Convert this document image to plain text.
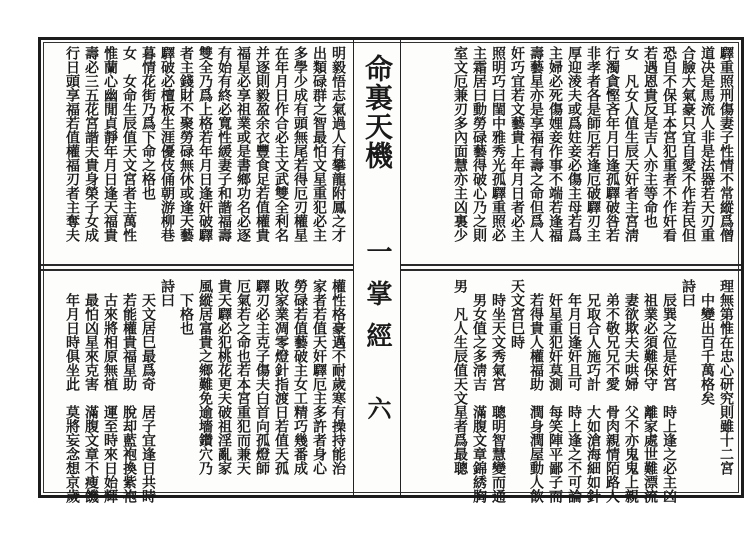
明毅悟志氣過人有攀龍附鳳之才
出類碌群之智最怕文星重犯必主
多學少成有頭無尾若得厄刃權星
在年月日作合必主文武雙全利名
并逐則毅盈余衣豐食足若值權貴
福星必享祖業或是書鄉功名必逐
有始有終必寬性緩妻子和諧福壽
雙全乃爲上格若年月日逢奸破驛
者主錢財不聚勞碌無休或逢天藝
驛破必檀板生涯優伎俑朝游柳巷
暮情花街乃爲下命之格也
女　女命生辰值天文宮者主萬性
惟蘭心幽閒貞靜年月日逢天福貴
壽必三五花宮諧夫貴身榮子女成
行日頭享福若值權福刃者主奪夫
權性格豪邁不耐歲寒有操持能治
家者若值天奸驛厄主多許者身心
勞碌若值藝破主女工精巧幾番成
敗家業凋零燈針指渡日若值天孤
驛刃必主克子傷夫白首向孤燈師
厄氣若之命也若本宮重犯而兼天
貴天驛必犯桃花更夫破祖淫亂家
風縱居富貴之鄉難免逾墻鑽穴乃
下格也
詩曰
天文居巳最爲奇
居子宜逢日共時
若能權貴福星助
脫却藍袍換紫袍
古來將相原無植
運至時來日始輝
最怕凶星來克害
滿腹文章不瘦饑
年月日時俱坐此
莫將妄念想京歲
命裏天機
一掌經
六
驛重照刑傷妻子性情不常縱爲僧
道决是馬流人非是法器若天刃重
合臉大氣豪只宜自愛不作若民但
恐自不保耳本宮犯重者不作奸看
若遇恩貴反是吉人亦主等命也
女　凡女人值生辰天奸者主宮淸
行濁貪慳吝年月日逢孤驛破咎若
非孝者各是師厄若逢厄破驛刃主
厚迎淩夫或爲妵妾必傷主母若爲
主婦必死傷娌妾作事不端若逢福
壽藝星亦是享福有壽之命但爲人
奸巧宜若文藝貴上年月日者必主
照明巧曰閨中雅秀光孤驛重照必
主霜居曰動勞碌藝得破心乃之則
室文厄兼刃多內面慧亦主凶裏少
理無第惟在忠心研究則雖十二宮
中變出百千萬格矣
詩曰
辰巽之位是奸宮
時上逢之必主凶
祖業必須難保守
離家處世難漂流
妻欲欺夫夫哄婦
父不亦鬼鬼上親
弟不敬兄兄不愛
骨肉親情陌路人
兄取合人施巧計
大如滄海細如針
年月日逢奸且可
時上逢之不可論
奸星重犯奸莫測
每笑陣平鄙子而
若得貴人權福助
潤身潤屋動人飮
天文宮巳時
時坐天文秀氣宮
聰明智慧變而通
男女值之多淸吉
滿腹文章錦綉胸
男　凡人生辰值天文星者爲最聰
